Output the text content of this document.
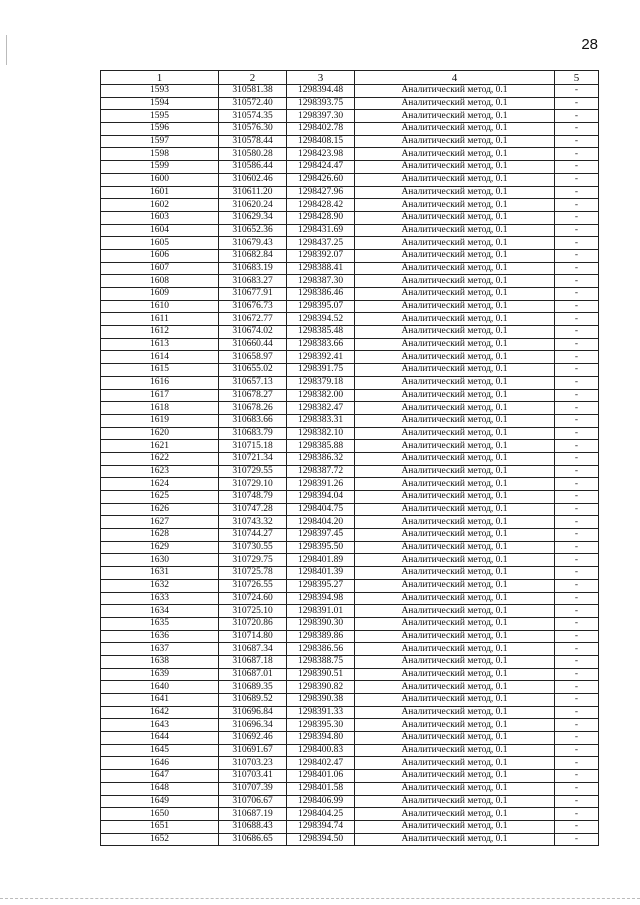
28
1	2	3	4	5
1593	310581.38	1298394.48	Аналитический метод, 0.1	-
1594	310572.40	1298393.75	Аналитический метод, 0.1	-
1595	310574.35	1298397.30	Аналитический метод, 0.1	-
1596	310576.30	1298402.78	Аналитический метод, 0.1	-
1597	310578.44	1298408.15	Аналитический метод, 0.1	-
1598	310580.28	1298423.98	Аналитический метод, 0.1	-
1599	310586.44	1298424.47	Аналитический метод, 0.1	-
1600	310602.46	1298426.60	Аналитический метод, 0.1	-
1601	310611.20	1298427.96	Аналитический метод, 0.1	-
1602	310620.24	1298428.42	Аналитический метод, 0.1	-
1603	310629.34	1298428.90	Аналитический метод, 0.1	-
1604	310652.36	1298431.69	Аналитический метод, 0.1	-
1605	310679.43	1298437.25	Аналитический метод, 0.1	-
1606	310682.84	1298392.07	Аналитический метод, 0.1	-
1607	310683.19	1298388.41	Аналитический метод, 0.1	-
1608	310683.27	1298387.30	Аналитический метод, 0.1	-
1609	310677.91	1298386.46	Аналитический метод, 0.1	-
1610	310676.73	1298395.07	Аналитический метод, 0.1	-
1611	310672.77	1298394.52	Аналитический метод, 0.1	-
1612	310674.02	1298385.48	Аналитический метод, 0.1	-
1613	310660.44	1298383.66	Аналитический метод, 0.1	-
1614	310658.97	1298392.41	Аналитический метод, 0.1	-
1615	310655.02	1298391.75	Аналитический метод, 0.1	-
1616	310657.13	1298379.18	Аналитический метод, 0.1	-
1617	310678.27	1298382.00	Аналитический метод, 0.1	-
1618	310678.26	1298382.47	Аналитический метод, 0.1	-
1619	310683.66	1298383.31	Аналитический метод, 0.1	-
1620	310683.79	1298382.10	Аналитический метод, 0.1	-
1621	310715.18	1298385.88	Аналитический метод, 0.1	-
1622	310721.34	1298386.32	Аналитический метод, 0.1	-
1623	310729.55	1298387.72	Аналитический метод, 0.1	-
1624	310729.10	1298391.26	Аналитический метод, 0.1	-
1625	310748.79	1298394.04	Аналитический метод, 0.1	-
1626	310747.28	1298404.75	Аналитический метод, 0.1	-
1627	310743.32	1298404.20	Аналитический метод, 0.1	-
1628	310744.27	1298397.45	Аналитический метод, 0.1	-
1629	310730.55	1298395.50	Аналитический метод, 0.1	-
1630	310729.75	1298401.89	Аналитический метод, 0.1	-
1631	310725.78	1298401.39	Аналитический метод, 0.1	-
1632	310726.55	1298395.27	Аналитический метод, 0.1	-
1633	310724.60	1298394.98	Аналитический метод, 0.1	-
1634	310725.10	1298391.01	Аналитический метод, 0.1	-
1635	310720.86	1298390.30	Аналитический метод, 0.1	-
1636	310714.80	1298389.86	Аналитический метод, 0.1	-
1637	310687.34	1298386.56	Аналитический метод, 0.1	-
1638	310687.18	1298388.75	Аналитический метод, 0.1	-
1639	310687.01	1298390.51	Аналитический метод, 0.1	-
1640	310689.35	1298390.82	Аналитический метод, 0.1	-
1641	310689.52	1298390.38	Аналитический метод, 0.1	-
1642	310696.84	1298391.33	Аналитический метод, 0.1	-
1643	310696.34	1298395.30	Аналитический метод, 0.1	-
1644	310692.46	1298394.80	Аналитический метод, 0.1	-
1645	310691.67	1298400.83	Аналитический метод, 0.1	-
1646	310703.23	1298402.47	Аналитический метод, 0.1	-
1647	310703.41	1298401.06	Аналитический метод, 0.1	-
1648	310707.39	1298401.58	Аналитический метод, 0.1	-
1649	310706.67	1298406.99	Аналитический метод, 0.1	-
1650	310687.19	1298404.25	Аналитический метод, 0.1	-
1651	310688.43	1298394.74	Аналитический метод, 0.1	-
1652	310686.65	1298394.50	Аналитический метод, 0.1	-
